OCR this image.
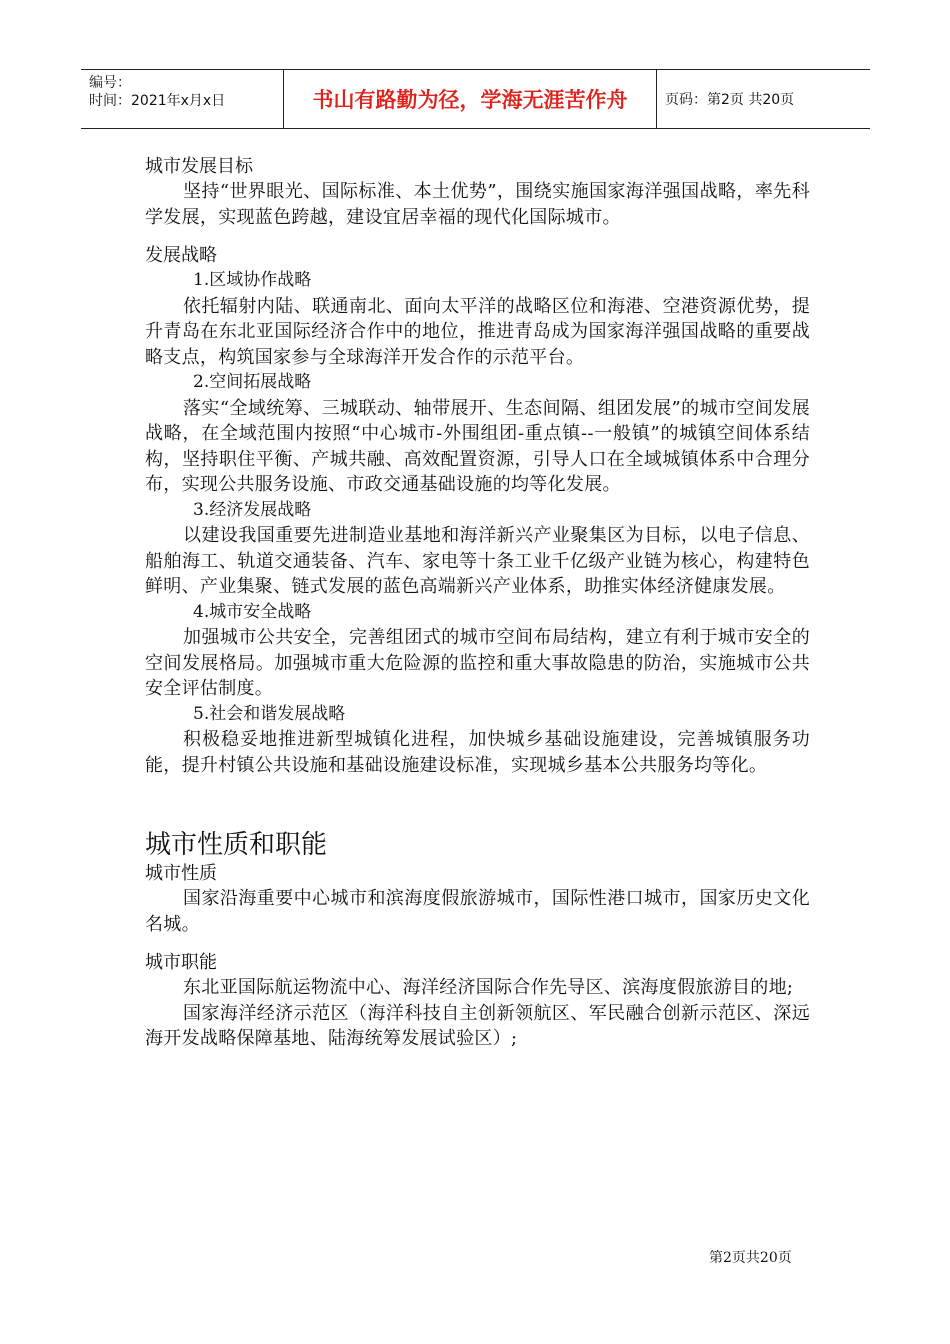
编号：
时间：2021年x月x日	书山有路勤为径，学海无涯苦作舟	页码：第2页 共20页
城市发展目标

坚持“世界眼光、国际标准、本土优势”，围绕实施国家海洋强国战略，率先科学发展，实现蓝色跨越，建设宜居幸福的现代化国际城市。

发展战略

1.区域协作战略

依托辐射内陆、联通南北、面向太平洋的战略区位和海港、空港资源优势，提升青岛在东北亚国际经济合作中的地位，推进青岛成为国家海洋强国战略的重要战略支点，构筑国家参与全球海洋开发合作的示范平台。

2.空间拓展战略

落实“全域统筹、三城联动、轴带展开、生态间隔、组团发展”的城市空间发展战略，在全域范围内按照“中心城市-外围组团-重点镇--一般镇”的城镇空间体系结构，坚持职住平衡、产城共融、高效配置资源，引导人口在全域城镇体系中合理分布，实现公共服务设施、市政交通基础设施的均等化发展。

3.经济发展战略

以建设我国重要先进制造业基地和海洋新兴产业聚集区为目标，以电子信息、船舶海工、轨道交通装备、汽车、家电等十条工业千亿级产业链为核心，构建特色鲜明、产业集聚、链式发展的蓝色高端新兴产业体系，助推实体经济健康发展。

4.城市安全战略

加强城市公共安全，完善组团式的城市空间布局结构，建立有利于城市安全的空间发展格局。加强城市重大危险源的监控和重大事故隐患的防治，实施城市公共安全评估制度。

5.社会和谐发展战略

积极稳妥地推进新型城镇化进程，加快城乡基础设施建设，完善城镇服务功能，提升村镇公共设施和基础设施建设标准，实现城乡基本公共服务均等化。

城市性质和职能
城市性质

国家沿海重要中心城市和滨海度假旅游城市，国际性港口城市，国家历史文化名城。

城市职能

东北亚国际航运物流中心、海洋经济国际合作先导区、滨海度假旅游目的地;

国家海洋经济示范区（海洋科技自主创新领航区、军民融合创新示范区、深远海开发战略保障基地、陆海统筹发展试验区）;

第2页共20页
